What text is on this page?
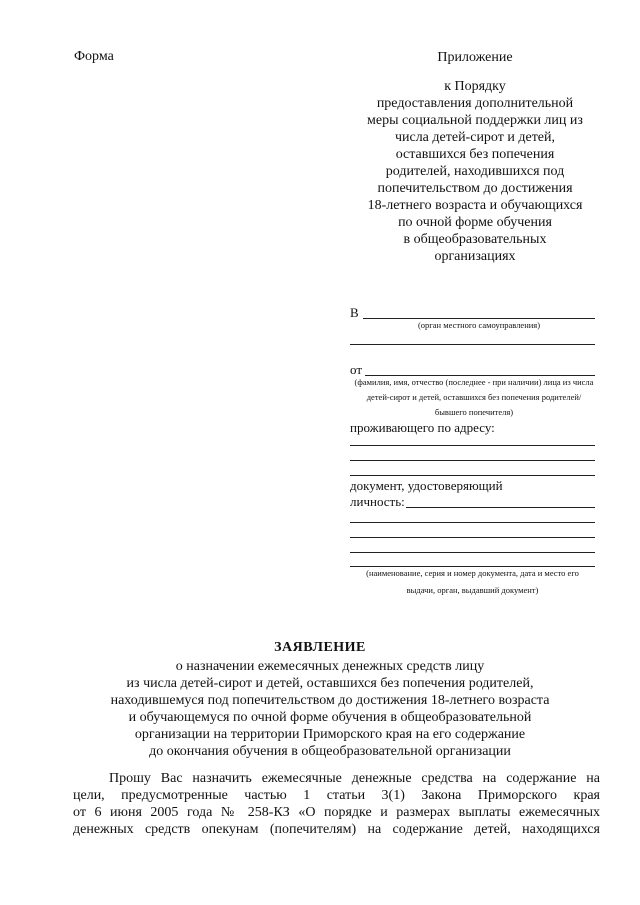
Форма	Приложение
к Порядку
предоставления дополнительной
меры социальной поддержки лиц из
числа детей-сирот и детей,
оставшихся без попечения
родителей, находившихся под
попечительством до достижения
18-летнего возраста и обучающихся
по очной форме обучения
в общеобразовательных
организациях
В
(орган местного самоуправления)
от
(фамилия, имя, отчество (последнее - при наличии) лица из числа
детей-сирот и детей, оставшихся без попечения родителей/
бывшего попечителя)
проживающего по адресу:
документ, удостоверяющий
личность:
(наименование, серия и номер документа, дата и место его
выдачи, орган, выдавший документ)
ЗАЯВЛЕНИЕ
о назначении ежемесячных денежных средств лицу
из числа детей-сирот и детей, оставшихся без попечения родителей,
находившемуся под попечительством до достижения 18-летнего возраста
и обучающемуся по очной форме обучения в общеобразовательной
организации на территории Приморского края на его содержание
до окончания обучения в общеобразовательной организации
Прошу Вас назначить ежемесячные денежные средства на содержание на
цели, предусмотренные частью 1 статьи 3(1) Закона Приморского края
от 6 июня 2005 года № 258-КЗ «О порядке и размерах выплаты ежемесячных
денежных средств опекунам (попечителям) на содержание детей, находящихся
